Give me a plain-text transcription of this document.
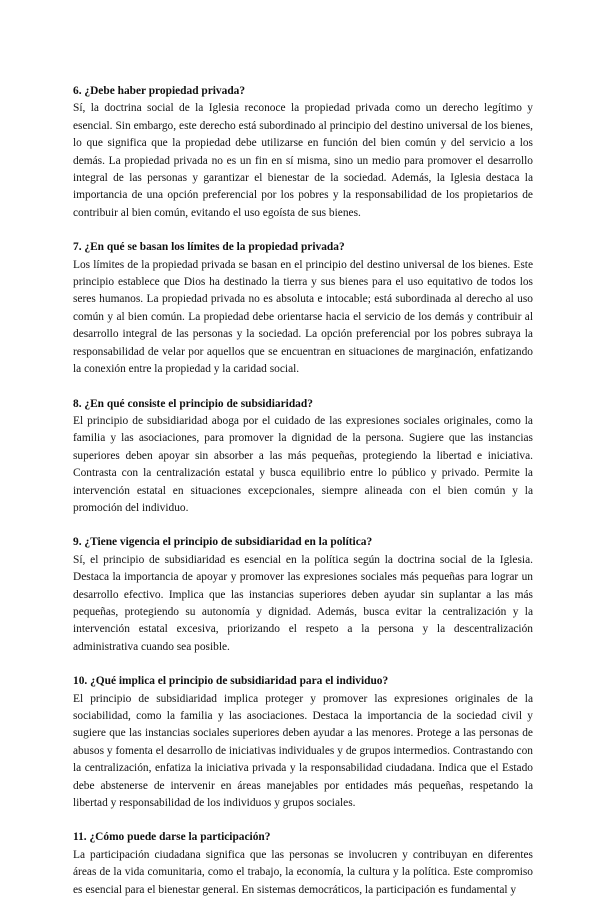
6. ¿Debe haber propiedad privada?

Sí, la doctrina social de la Iglesia reconoce la propiedad privada como un derecho legítimo y esencial. Sin embargo, este derecho está subordinado al principio del destino universal de los bienes, lo que significa que la propiedad debe utilizarse en función del bien común y del servicio a los demás. La propiedad privada no es un fin en sí misma, sino un medio para promover el desarrollo integral de las personas y garantizar el bienestar de la sociedad. Además, la Iglesia destaca la importancia de una opción preferencial por los pobres y la responsabilidad de los propietarios de contribuir al bien común, evitando el uso egoísta de sus bienes.

7. ¿En qué se basan los límites de la propiedad privada?

Los límites de la propiedad privada se basan en el principio del destino universal de los bienes. Este principio establece que Dios ha destinado la tierra y sus bienes para el uso equitativo de todos los seres humanos. La propiedad privada no es absoluta e intocable; está subordinada al derecho al uso común y al bien común. La propiedad debe orientarse hacia el servicio de los demás y contribuir al desarrollo integral de las personas y la sociedad. La opción preferencial por los pobres subraya la responsabilidad de velar por aquellos que se encuentran en situaciones de marginación, enfatizando la conexión entre la propiedad y la caridad social.

8. ¿En qué consiste el principio de subsidiaridad?

El principio de subsidiaridad aboga por el cuidado de las expresiones sociales originales, como la familia y las asociaciones, para promover la dignidad de la persona. Sugiere que las instancias superiores deben apoyar sin absorber a las más pequeñas, protegiendo la libertad e iniciativa. Contrasta con la centralización estatal y busca equilibrio entre lo público y privado. Permite la intervención estatal en situaciones excepcionales, siempre alineada con el bien común y la promoción del individuo.

9. ¿Tiene vigencia el principio de subsidiaridad en la política?

Sí, el principio de subsidiaridad es esencial en la política según la doctrina social de la Iglesia. Destaca la importancia de apoyar y promover las expresiones sociales más pequeñas para lograr un desarrollo efectivo. Implica que las instancias superiores deben ayudar sin suplantar a las más pequeñas, protegiendo su autonomía y dignidad. Además, busca evitar la centralización y la intervención estatal excesiva, priorizando el respeto a la persona y la descentralización administrativa cuando sea posible.

10. ¿Qué implica el principio de subsidiaridad para el individuo?

El principio de subsidiaridad implica proteger y promover las expresiones originales de la sociabilidad, como la familia y las asociaciones. Destaca la importancia de la sociedad civil y sugiere que las instancias sociales superiores deben ayudar a las menores. Protege a las personas de abusos y fomenta el desarrollo de iniciativas individuales y de grupos intermedios. Contrastando con la centralización, enfatiza la iniciativa privada y la responsabilidad ciudadana. Indica que el Estado debe abstenerse de intervenir en áreas manejables por entidades más pequeñas, respetando la libertad y responsabilidad de los individuos y grupos sociales.

11. ¿Cómo puede darse la participación?

La participación ciudadana significa que las personas se involucren y contribuyan en diferentes áreas de la vida comunitaria, como el trabajo, la economía, la cultura y la política. Este compromiso es esencial para el bienestar general. En sistemas democráticos, la participación es fundamental y
